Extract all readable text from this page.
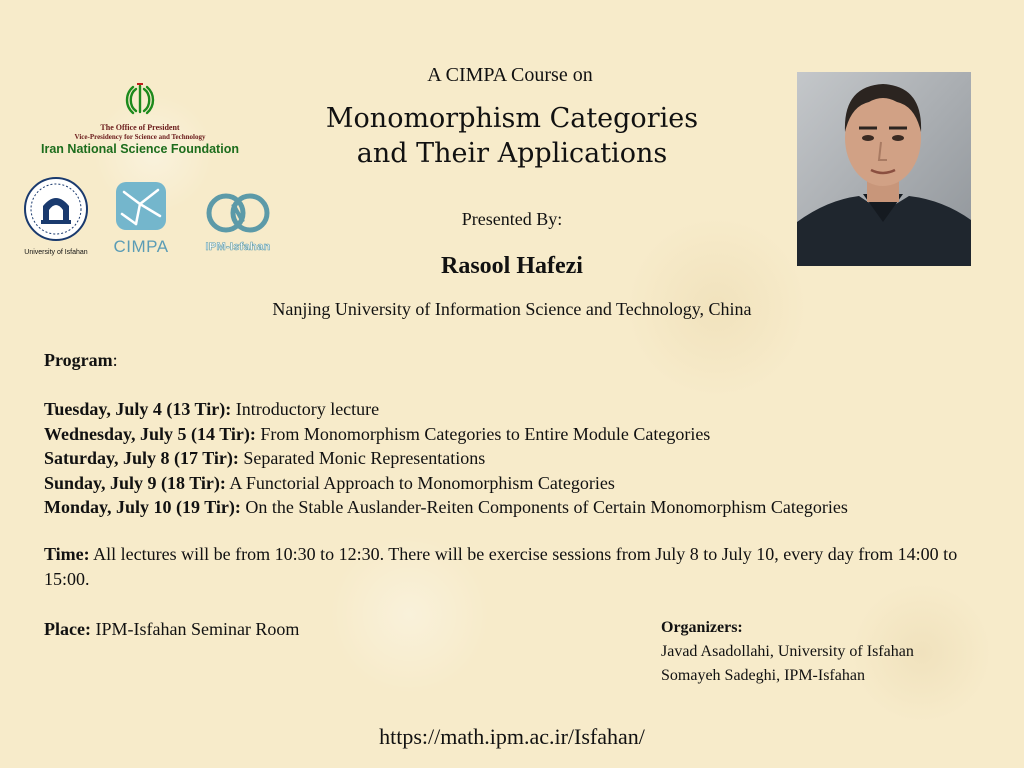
A CIMPA Course on
Monomorphism Categories
and Their Applications
Presented By:
Rasool Hafezi
Nanjing University of Information Science and Technology, China
The Office of President
Vice-Presidency for Science and Technology
Iran National Science Foundation
University of Isfahan	CIMPA	IPM-Isfahan
Program:
Tuesday, July 4 (13 Tir): Introductory lecture
Wednesday, July 5 (14 Tir): From Monomorphism Categories to Entire Module Categories
Saturday, July 8 (17 Tir): Separated Monic Representations
Sunday, July 9 (18 Tir): A Functorial Approach to Monomorphism Categories
Monday, July 10 (19 Tir): On the Stable Auslander-Reiten Components of Certain Monomorphism Categories
Time: All lectures will be from 10:30 to 12:30. There will be exercise sessions from July 8 to July 10, every day from 14:00 to 15:00.
Place: IPM-Isfahan Seminar Room	Organizers:
Javad Asadollahi, University of Isfahan
Somayeh Sadeghi, IPM-Isfahan
https://math.ipm.ac.ir/Isfahan/
